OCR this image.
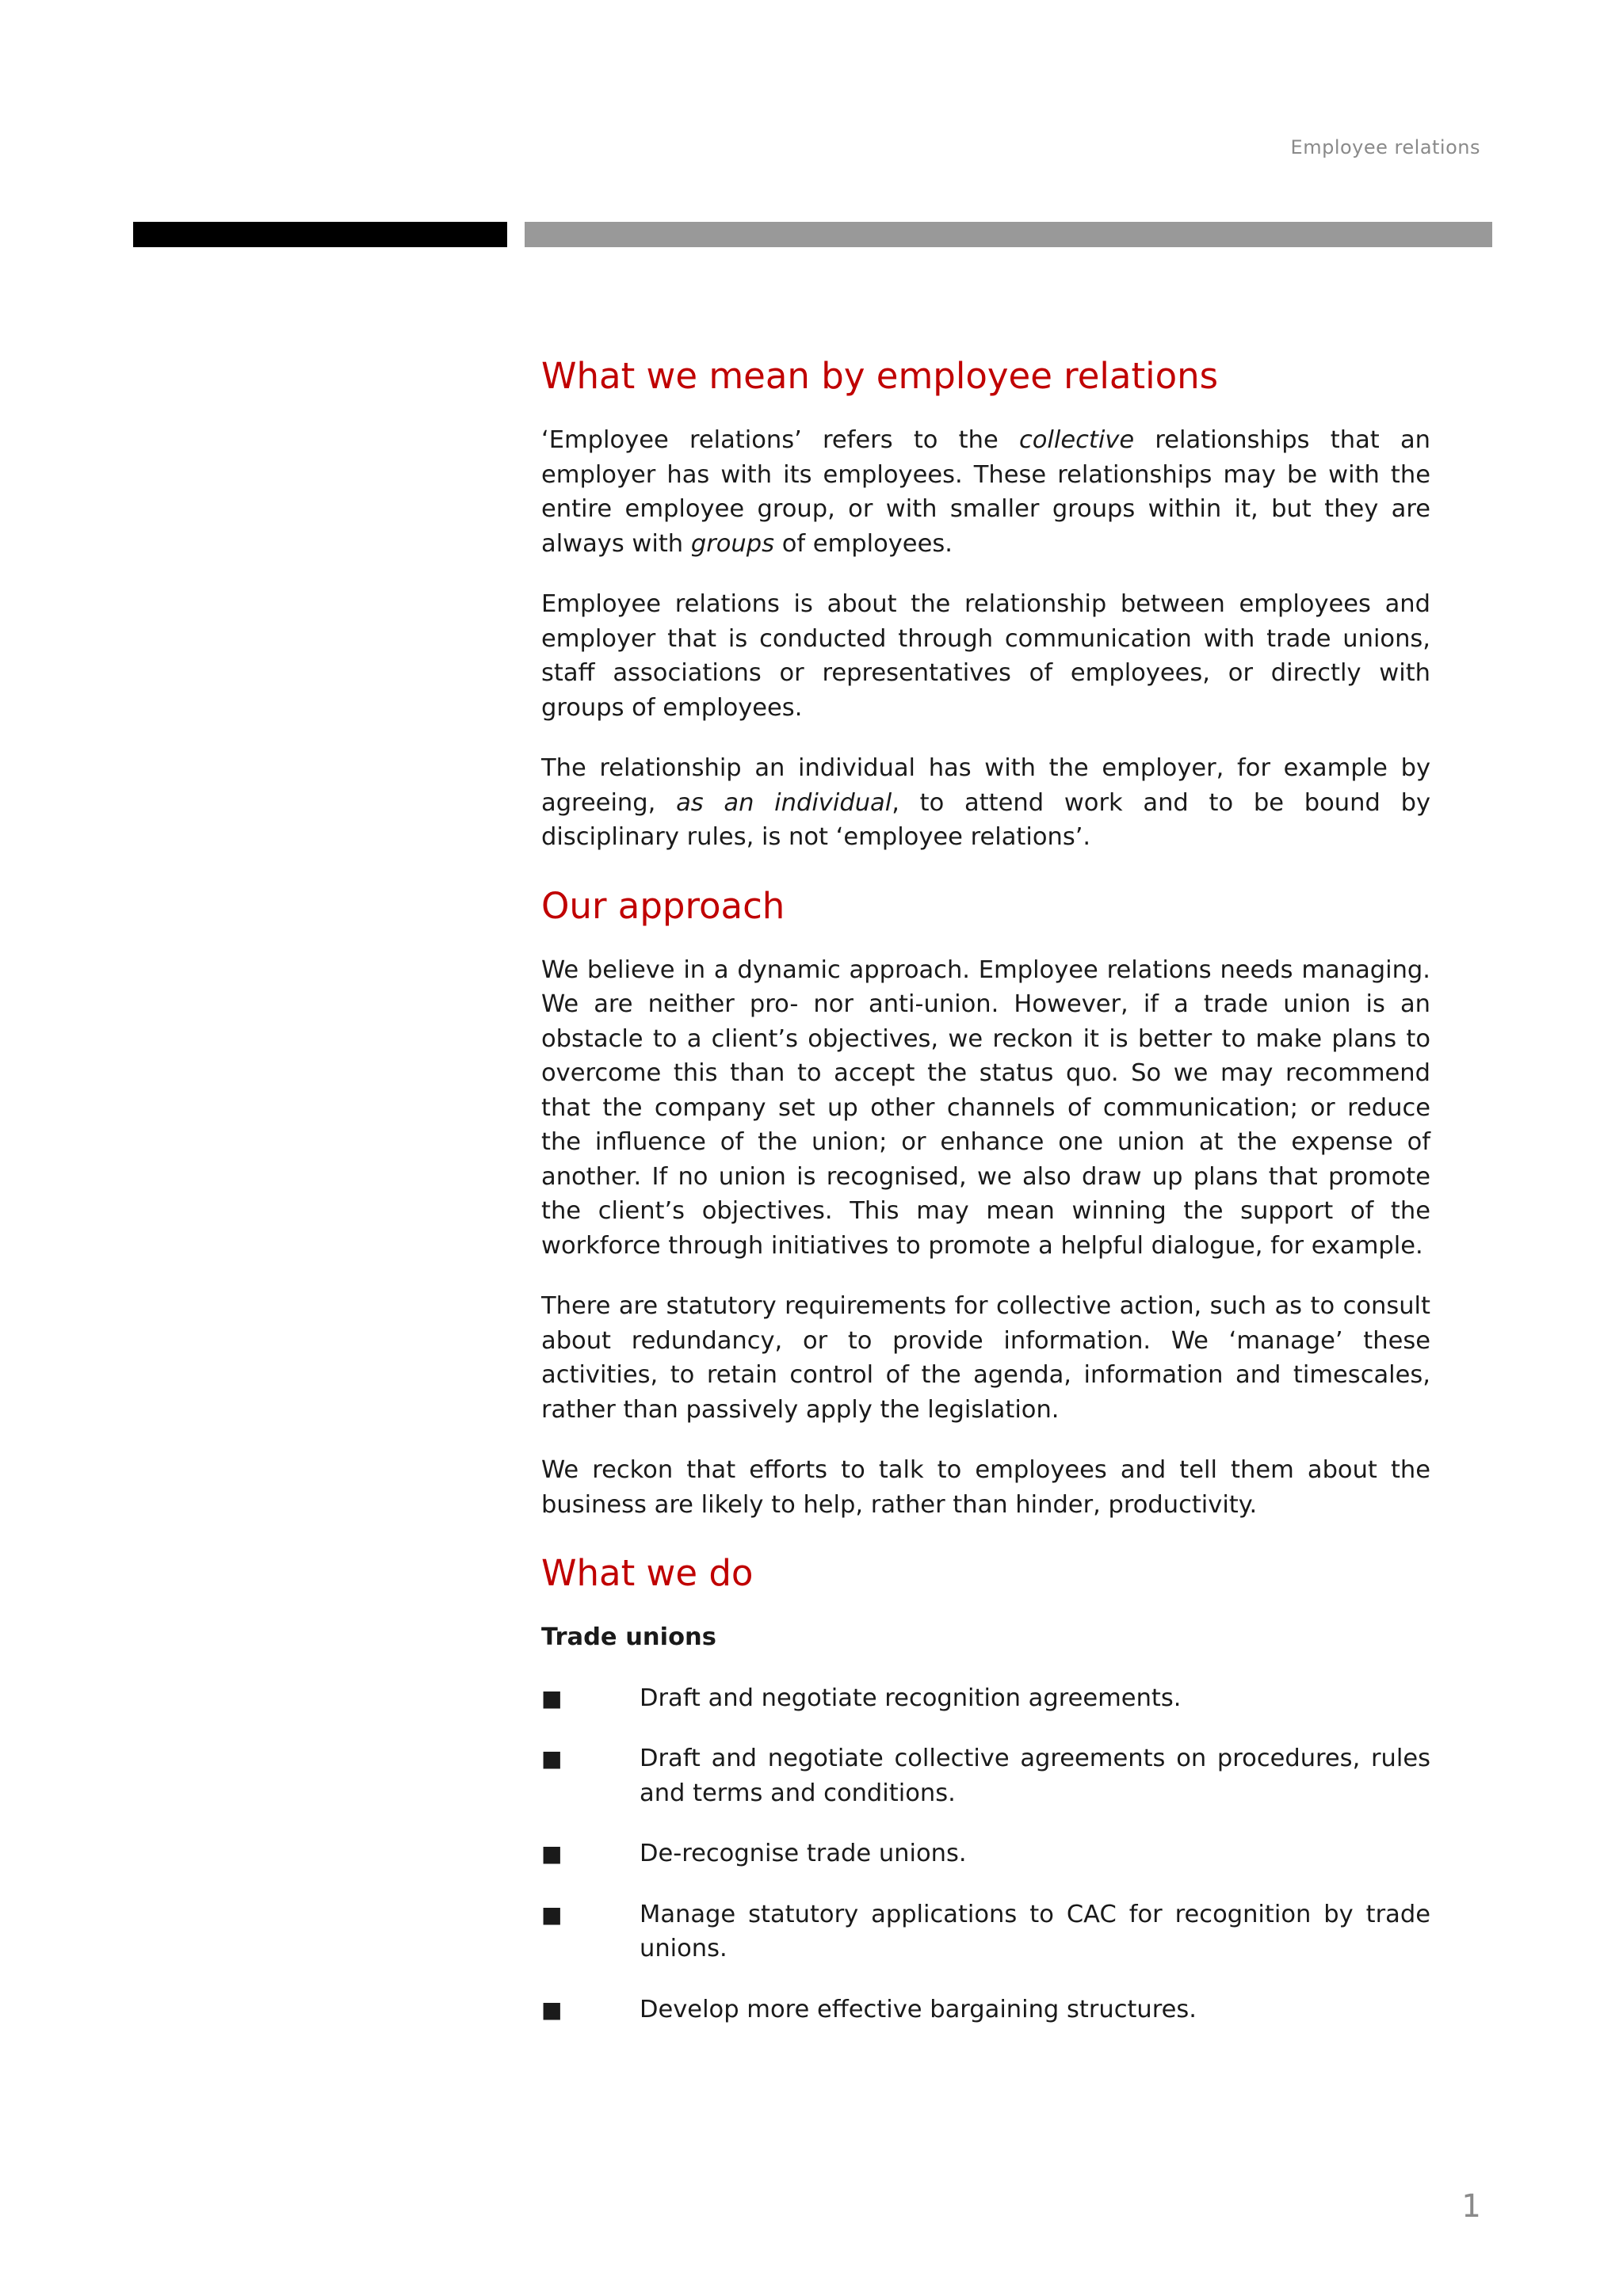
Employee relations
What we mean by employee relations

‘Employee relations’ refers to the collective relationships that an employer has with its employees. These relationships may be with the entire employee group, or with smaller groups within it, but they are always with groups of employees.

Employee relations is about the relationship between employees and employer that is conducted through communication with trade unions, staff associations or representatives of employees, or directly with groups of employees.

The relationship an individual has with the employer, for example by agreeing, as an individual, to attend work and to be bound by disciplinary rules, is not ‘employee relations’.

Our approach

We believe in a dynamic approach. Employee relations needs managing. We are neither pro- nor anti-union. However, if a trade union is an obstacle to a client’s objectives, we reckon it is better to make plans to overcome this than to accept the status quo. So we may recommend that the company set up other channels of communication; or reduce the influence of the union; or enhance one union at the expense of another. If no union is recognised, we also draw up plans that promote the client’s objectives. This may mean winning the support of the workforce through initiatives to promote a helpful dialogue, for example.

There are statutory requirements for collective action, such as to consult about redundancy, or to provide information. We ‘manage’ these activities, to retain control of the agenda, information and timescales, rather than passively apply the legislation.

We reckon that efforts to talk to employees and tell them about the business are likely to help, rather than hinder, productivity.

What we do
Trade unions
■	Draft and negotiate recognition agreements.
■	Draft and negotiate collective agreements on procedures, rules and terms and conditions.
■	De-recognise trade unions.
■	Manage statutory applications to CAC for recognition by trade unions.
■	Develop more effective bargaining structures.
1
